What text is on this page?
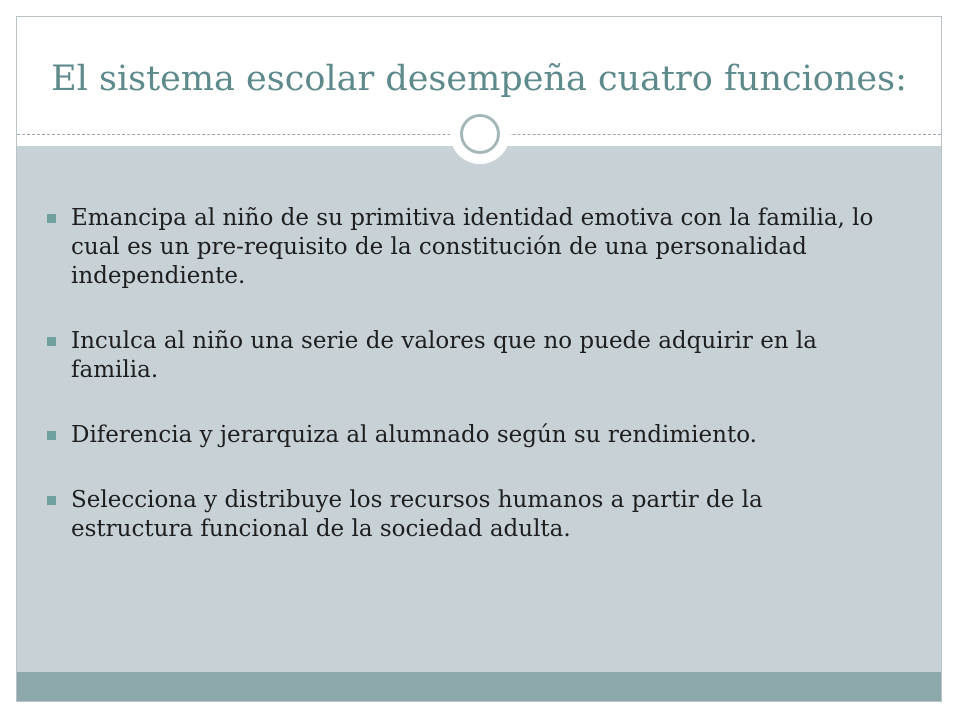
El sistema escolar desempeña cuatro funciones:
Emancipa al niño de su primitiva identidad emotiva con la familia, lo cual es un pre-requisito de la constitución de una personalidad independiente.
Inculca al niño una serie de valores que no puede adquirir en la familia.
Diferencia y jerarquiza al alumnado según su rendimiento.
Selecciona y distribuye los recursos humanos a partir de la estructura funcional de la sociedad adulta.
